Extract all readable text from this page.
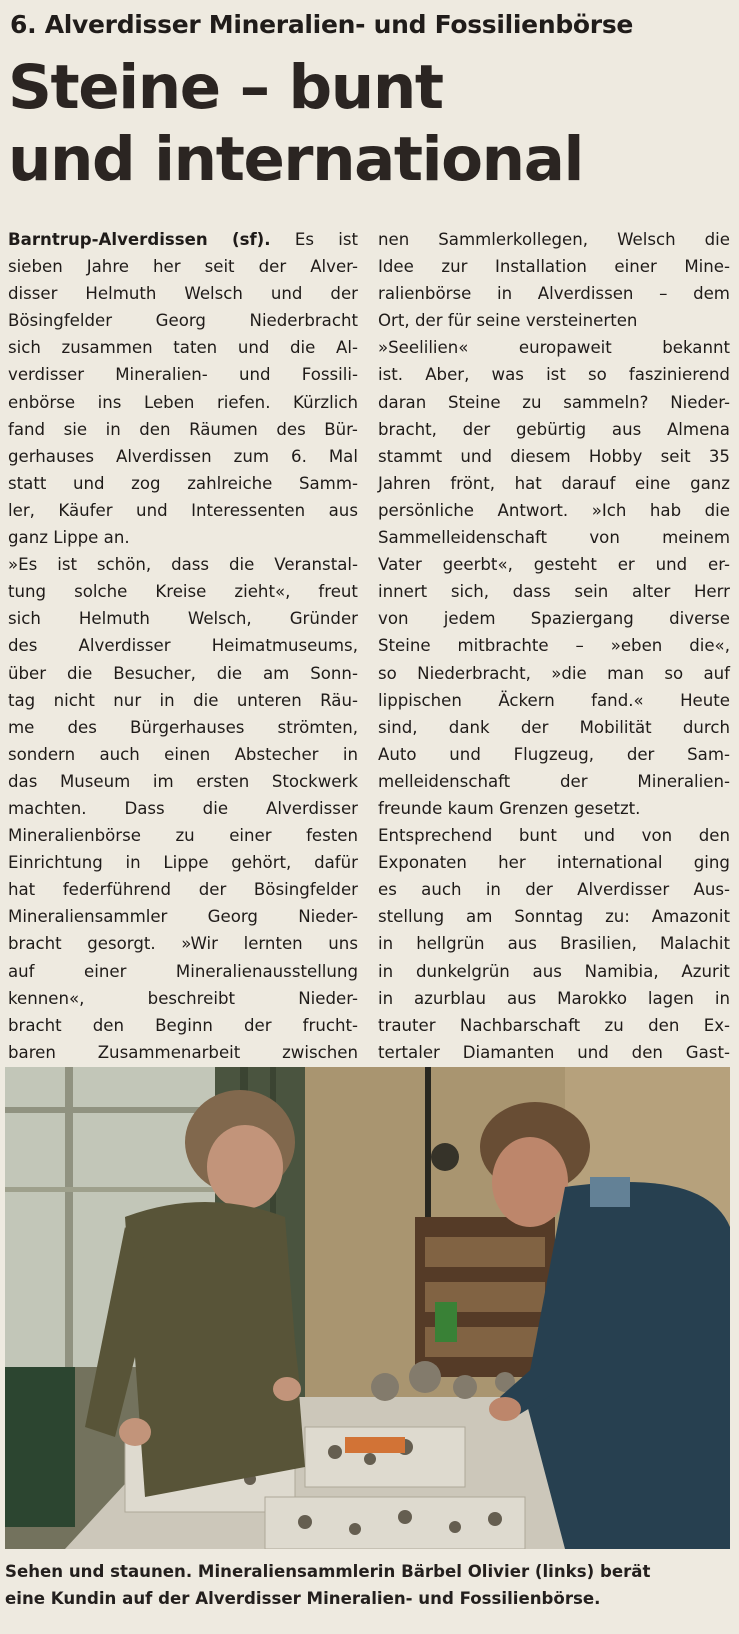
6. Alverdisser Mineralien- und Fossilienbörse
Steine – bunt
und international
Barntrup-Alverdissen (sf). Es ist
sieben Jahre her seit der Alver-
disser Helmuth Welsch und der
Bösingfelder	Georg	Niederbracht
sich zusammen taten und die Al-
verdisser Mineralien- und Fossili-
enbörse ins Leben riefen. Kürzlich
fand sie in den Räumen des Bür-
gerhauses Alverdissen zum 6. Mal
statt und zog zahlreiche Samm-
ler, Käufer und Interessenten aus
ganz Lippe an.
»Es ist schön, dass die Veranstal-
tung solche Kreise zieht«, freut
sich Helmuth Welsch, Gründer
des Alverdisser Heimatmuseums,
über die Besucher, die am Sonn-
tag nicht nur in die unteren Räu-
me des Bürgerhauses strömten,
sondern auch einen Abstecher in
das Museum im ersten Stockwerk
machten. Dass die Alverdisser
Mineralienbörse zu einer festen
Einrichtung in Lippe gehört, dafür
hat federführend der Bösingfelder
Mineraliensammler Georg Nieder-
bracht gesorgt. »Wir lernten uns
auf	einer	Mineralienausstellung
kennen«,	beschreibt	Nieder-
bracht den Beginn der frucht-
baren	Zusammenarbeit	zwischen
nen Sammlerkollegen, Welsch die
Idee zur Installation einer Mine-
ralienbörse in Alverdissen – dem
Ort, der für seine versteinerten
»Seelilien«	europaweit	bekannt
ist. Aber, was ist so faszinierend
daran Steine zu sammeln? Nieder-
bracht, der gebürtig aus Almena
stammt und diesem Hobby seit 35
Jahren frönt, hat darauf eine ganz
persönliche Antwort. »Ich hab die
Sammelleidenschaft	von	meinem
Vater geerbt«, gesteht er und er-
innert sich, dass sein alter Herr
von jedem Spaziergang diverse
Steine mitbrachte – »eben die«,
so Niederbracht, »die man so auf
lippischen Äckern fand.« Heute
sind, dank der Mobilität durch
Auto und Flugzeug, der Sam-
melleidenschaft	der	Mineralien-
freunde kaum Grenzen gesetzt.
Entsprechend bunt und von den
Exponaten her international ging
es auch in der Alverdisser Aus-
stellung am Sonntag zu: Amazonit
in hellgrün aus Brasilien, Malachit
in dunkelgrün aus Namibia, Azurit
in azurblau aus Marokko lagen in
trauter Nachbarschaft zu den Ex-
tertaler Diamanten und den Gast-
Sehen und staunen. Mineraliensammlerin Bärbel Olivier (links) berät
eine Kundin auf der Alverdisser Mineralien- und Fossilienbörse.
